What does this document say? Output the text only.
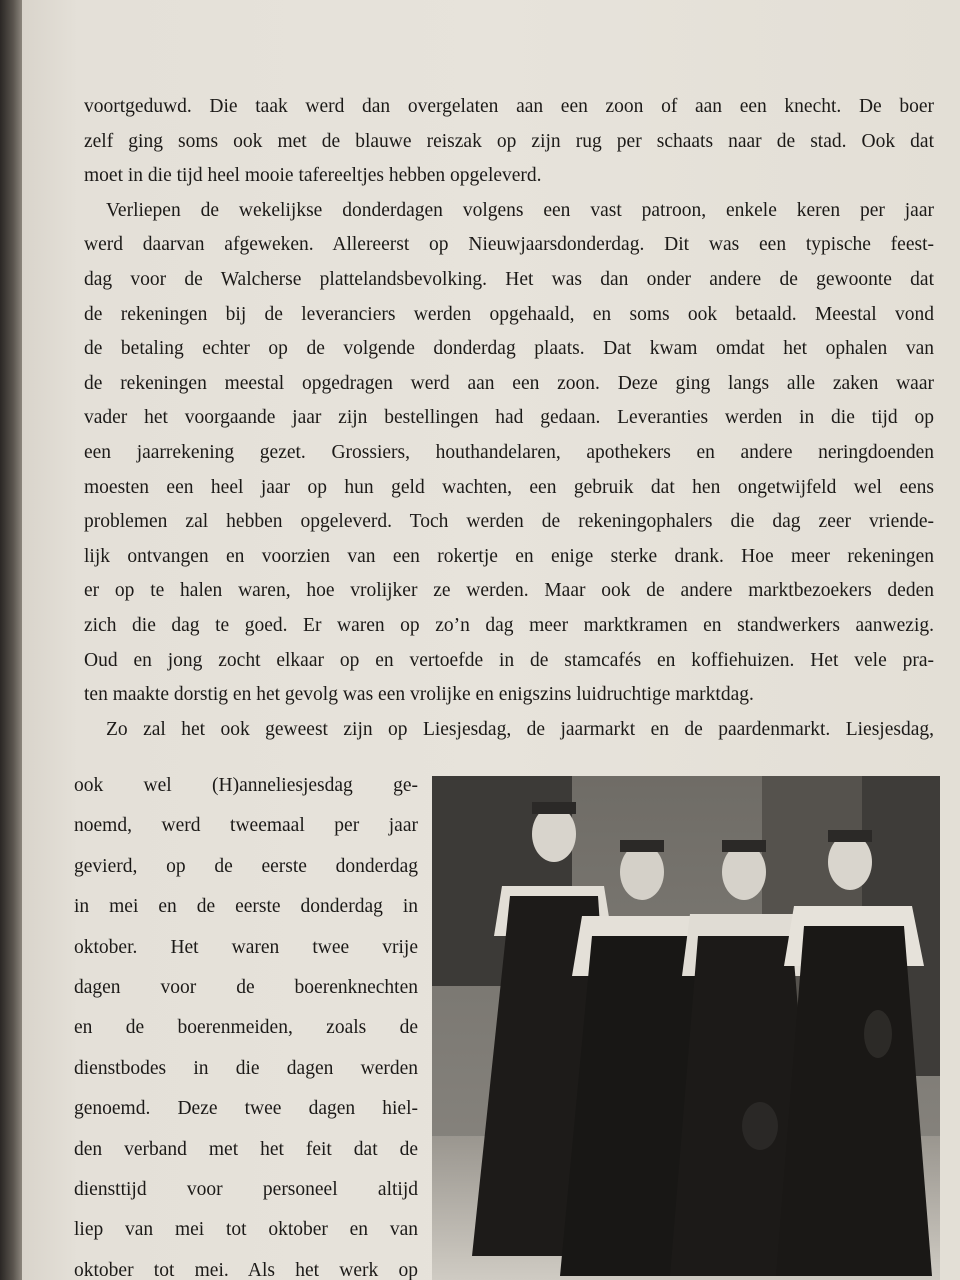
voortgeduwd. Die taak werd dan overgelaten aan een zoon of aan een knecht. De boer
zelf ging soms ook met de blauwe reiszak op zijn rug per schaats naar de stad. Ook dat
moet in die tijd heel mooie tafereeltjes hebben opgeleverd.
Verliepen de wekelijkse donderdagen volgens een vast patroon, enkele keren per jaar
werd daarvan afgeweken. Allereerst op Nieuwjaarsdonderdag. Dit was een typische feest-
dag voor de Walcherse plattelandsbevolking. Het was dan onder andere de gewoonte dat
de rekeningen bij de leveranciers werden opgehaald, en soms ook betaald. Meestal vond
de betaling echter op de volgende donderdag plaats. Dat kwam omdat het ophalen van
de rekeningen meestal opgedragen werd aan een zoon. Deze ging langs alle zaken waar
vader het voorgaande jaar zijn bestellingen had gedaan. Leveranties werden in die tijd op
een jaarrekening gezet. Grossiers, houthandelaren, apothekers en andere neringdoenden
moesten een heel jaar op hun geld wachten, een gebruik dat hen ongetwijfeld wel eens
problemen zal hebben opgeleverd. Toch werden de rekeningophalers die dag zeer vriende-
lijk ontvangen en voorzien van een rokertje en enige sterke drank. Hoe meer rekeningen
er op te halen waren, hoe vrolijker ze werden. Maar ook de andere marktbezoekers deden
zich die dag te goed. Er waren op zo’n dag meer marktkramen en standwerkers aanwezig.
Oud en jong zocht elkaar op en vertoefde in de stamcafés en koffiehuizen. Het vele pra-
ten maakte dorstig en het gevolg was een vrolijke en enigszins luidruchtige marktdag.
Zo zal het ook geweest zijn op Liesjesdag, de jaarmarkt en de paardenmarkt. Liesjesdag,
ook wel (H)anneliesjesdag ge-
noemd, werd tweemaal per jaar
gevierd, op de eerste donderdag
in mei en de eerste donderdag in
oktober. Het waren twee vrije
dagen voor de boerenknechten
en de boerenmeiden, zoals de
dienstbodes in die dagen werden
genoemd. Deze twee dagen hiel-
den verband met het feit dat de
diensttijd voor personeel altijd
liep van mei tot oktober en van
oktober tot mei. Als het werk op
